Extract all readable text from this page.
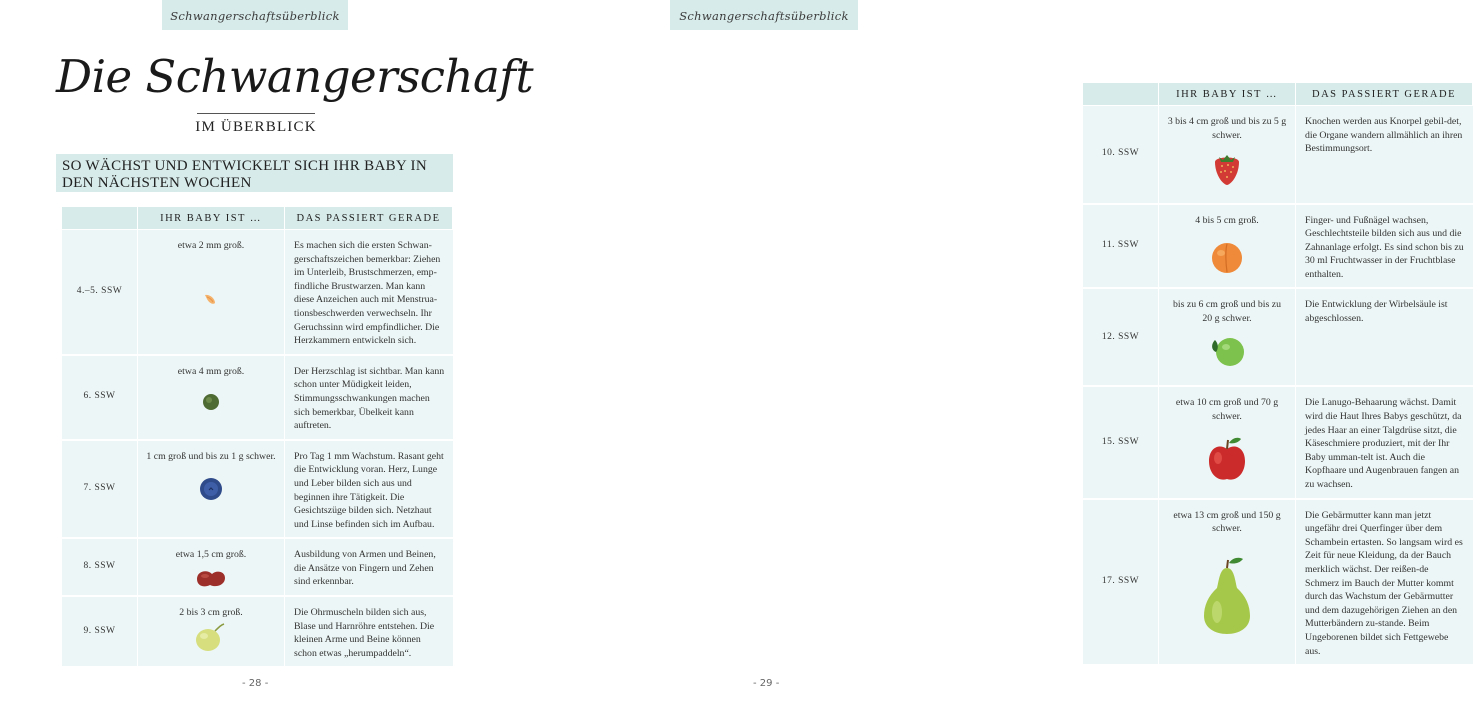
Schwangerschaftsüberblick
Die Schwangerschaft
IM ÜBERBLICK
SO WÄCHST UND ENTWICKELT SICH IHR BABY IN DEN NÄCHSTEN WOCHEN
	IHR BABY IST …	DAS PASSIERT GERADE
4.–5. SSW	etwa 2 mm groß.	Es machen sich die ersten Schwan-gerschaftszeichen bemerkbar: Ziehen im Unterleib, Brustschmerzen, emp-findliche Brustwarzen. Man kann diese Anzeichen auch mit Menstrua-tionsbeschwerden verwechseln. Ihr Geruchssinn wird empfindlicher. Die Herzkammern entwickeln sich.
6. SSW	etwa 4 mm groß.	Der Herzschlag ist sichtbar. Man kann schon unter Müdigkeit leiden, Stimmungsschwankungen machen sich bemerkbar, Übelkeit kann auftreten.
7. SSW	1 cm groß und bis zu 1 g schwer.	Pro Tag 1 mm Wachstum. Rasant geht die Entwicklung voran. Herz, Lunge und Leber bilden sich aus und beginnen ihre Tätigkeit. Die Gesichtszüge bilden sich. Netzhaut und Linse befinden sich im Aufbau.
8. SSW	etwa 1,5 cm groß.	Ausbildung von Armen und Beinen, die Ansätze von Fingern und Zehen sind erkennbar.
9. SSW	2 bis 3 cm groß.	Die Ohrmuscheln bilden sich aus, Blase und Harnröhre entstehen. Die kleinen Arme und Beine können schon etwas „herumpaddeln“.
- 28 -
Schwangerschaftsüberblick
	IHR BABY IST …	DAS PASSIERT GERADE
10. SSW	3 bis 4 cm groß und bis zu 5 g schwer.	Knochen werden aus Knorpel gebil-det, die Organe wandern allmählich an ihren Bestimmungsort.
11. SSW	4 bis 5 cm groß.	Finger- und Fußnägel wachsen, Geschlechtsteile bilden sich aus und die Zahnanlage erfolgt. Es sind schon bis zu 30 ml Fruchtwasser in der Fruchtblase enthalten.
12. SSW	bis zu 6 cm groß und bis zu 20 g schwer.	Die Entwicklung der Wirbelsäule ist abgeschlossen.
15. SSW	etwa 10 cm groß und 70 g schwer.	Die Lanugo-Behaarung wächst. Damit wird die Haut Ihres Babys geschützt, da jedes Haar an einer Talgdrüse sitzt, die Käseschmiere produziert, mit der Ihr Baby umman-telt ist. Auch die Kopfhaare und Augenbrauen fangen an zu wachsen.
17. SSW	etwa 13 cm groß und 150 g schwer.	Die Gebärmutter kann man jetzt ungefähr drei Querfinger über dem Schambein ertasten. So langsam wird es Zeit für neue Kleidung, da der Bauch merklich wächst. Der reißen-de Schmerz im Bauch der Mutter kommt durch das Wachstum der Gebärmutter und dem dazugehörigen Ziehen an den Mutterbändern zu-stande. Beim Ungeborenen bildet sich Fettgewebe aus.
- 29 -
